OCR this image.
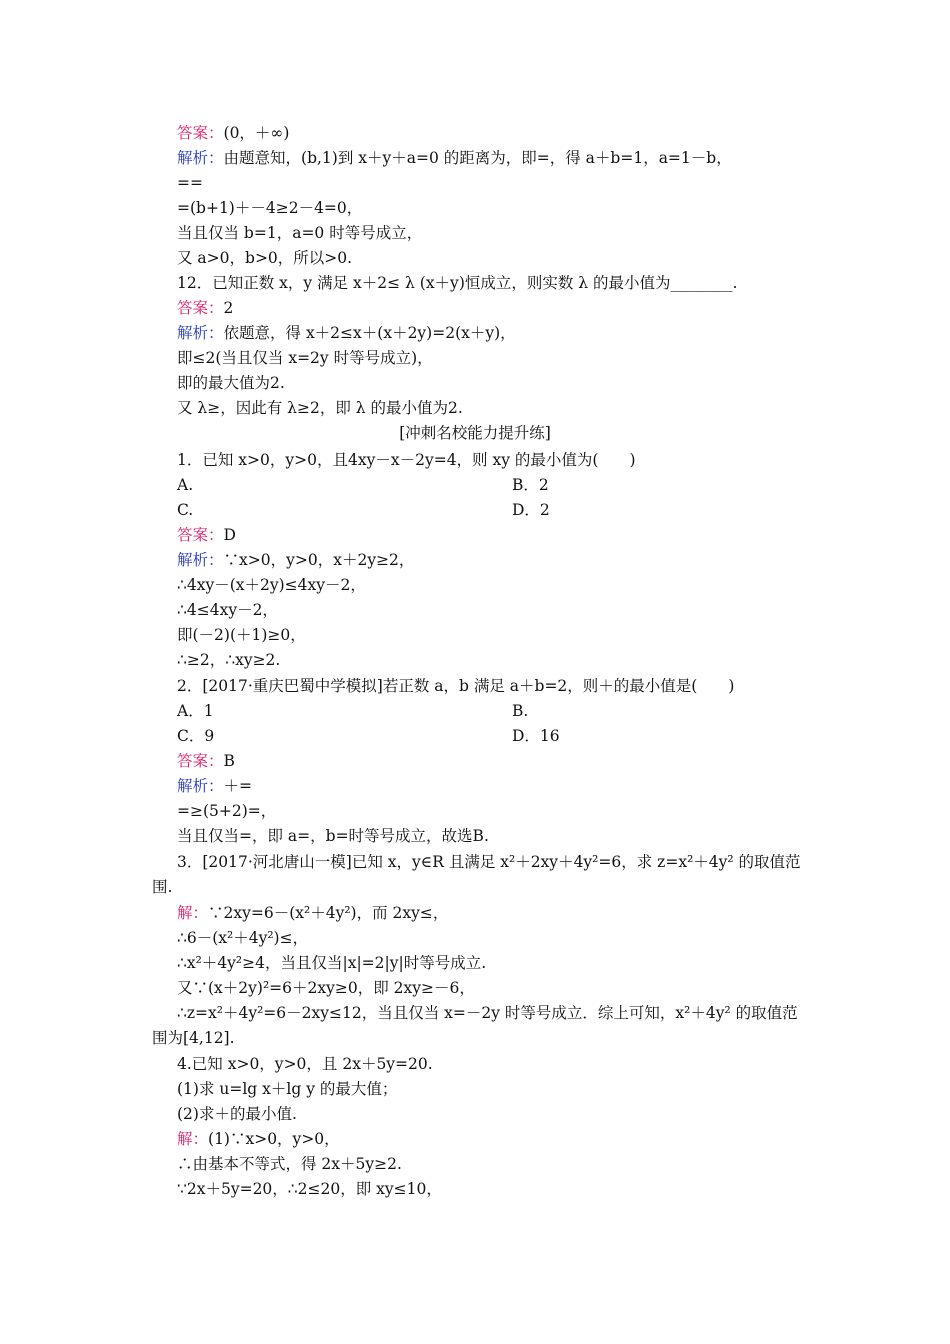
答案：(0，＋∞)
解析：由题意知，(b,1)到 x＋y＋a=0 的距离为，即=，得 a＋b=1，a=1－b，
==
=(b+1)＋－4≥2－4=0，
当且仅当 b=1，a=0 时等号成立，
又 a>0，b>0，所以>0.
12．已知正数 x，y 满足 x＋2≤ λ (x＋y)恒成立，则实数 λ 的最小值为________.
答案：2
解析：依题意，得 x＋2≤x＋(x＋2y)=2(x＋y)，
即≤2(当且仅当 x=2y 时等号成立)，
即的最大值为2.
又 λ≥，因此有 λ≥2，即 λ 的最小值为2.
[冲刺名校能力提升练]
1．已知 x>0，y>0，且4xy－x－2y=4，则 xy 的最小值为(　　)
A.	B．2
C.	D．2
答案：D
解析：∵x>0，y>0，x＋2y≥2，
∴4xy－(x＋2y)≤4xy－2，
∴4≤4xy－2，
即(－2)(＋1)≥0，
∴≥2，∴xy≥2.
2．[2017·重庆巴蜀中学模拟]若正数 a，b 满足 a＋b=2，则＋的最小值是(　　)
A．1	B.
C．9	D．16
答案：B
解析：＋=
=≥(5+2)=，
当且仅当=，即 a=，b=时等号成立，故选B.
3．[2017·河北唐山一模]已知 x，y∈R 且满足 x²＋2xy＋4y²=6，求 z=x²＋4y² 的取值范
围.
解：∵2xy=6－(x²＋4y²)，而 2xy≤，
∴6－(x²＋4y²)≤，
∴x²＋4y²≥4，当且仅当|x|=2|y|时等号成立.
又∵(x＋2y)²=6＋2xy≥0，即 2xy≥－6，
∴z=x²＋4y²=6－2xy≤12，当且仅当 x=－2y 时等号成立．综上可知，x²＋4y² 的取值范
围为[4,12].
4.已知 x>0，y>0，且 2x＋5y=20.
(1)求 u=lg x＋lg y 的最大值；
(2)求＋的最小值.
解：(1)∵x>0，y>0，
∴由基本不等式，得 2x＋5y≥2.
∵2x＋5y=20，∴2≤20，即 xy≤10，
